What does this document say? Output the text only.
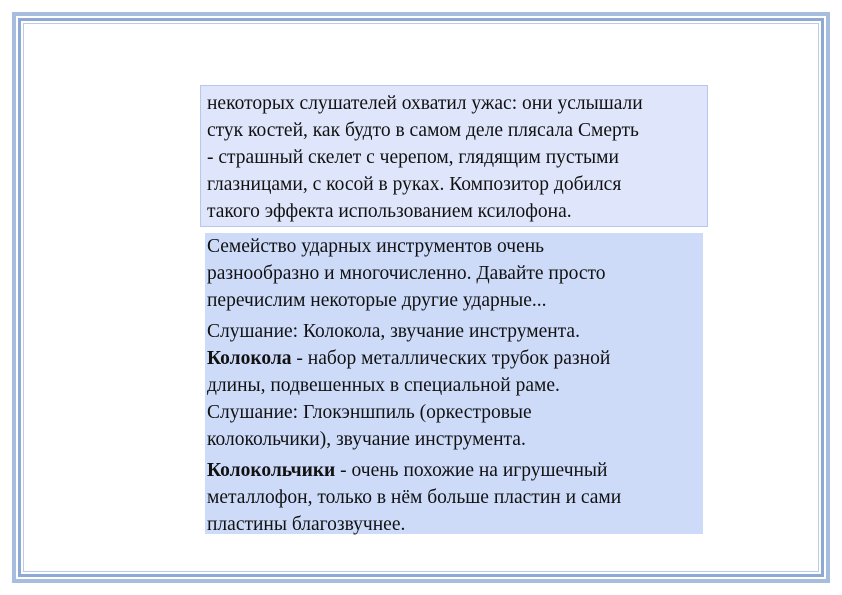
некоторых слушателей охватил ужас: они услышали
стук костей, как будто в самом деле плясала Смерть
- страшный скелет с черепом, глядящим пустыми
глазницами, с косой в руках. Композитор добился
такого эффекта использованием ксилофона.

Семейство ударных инструментов очень
разнообразно и многочисленно. Давайте просто
перечислим некоторые другие ударные...

Слушание: Колокола, звучание инструмента.
Колокола - набор металлических трубок разной
длины, подвешенных в специальной раме.
Слушание: Глокэншпиль (оркестровые
колокольчики), звучание инструмента.

Колокольчики - очень похожие на игрушечный
металлофон, только в нём больше пластин и сами
пластины благозвучнее.
